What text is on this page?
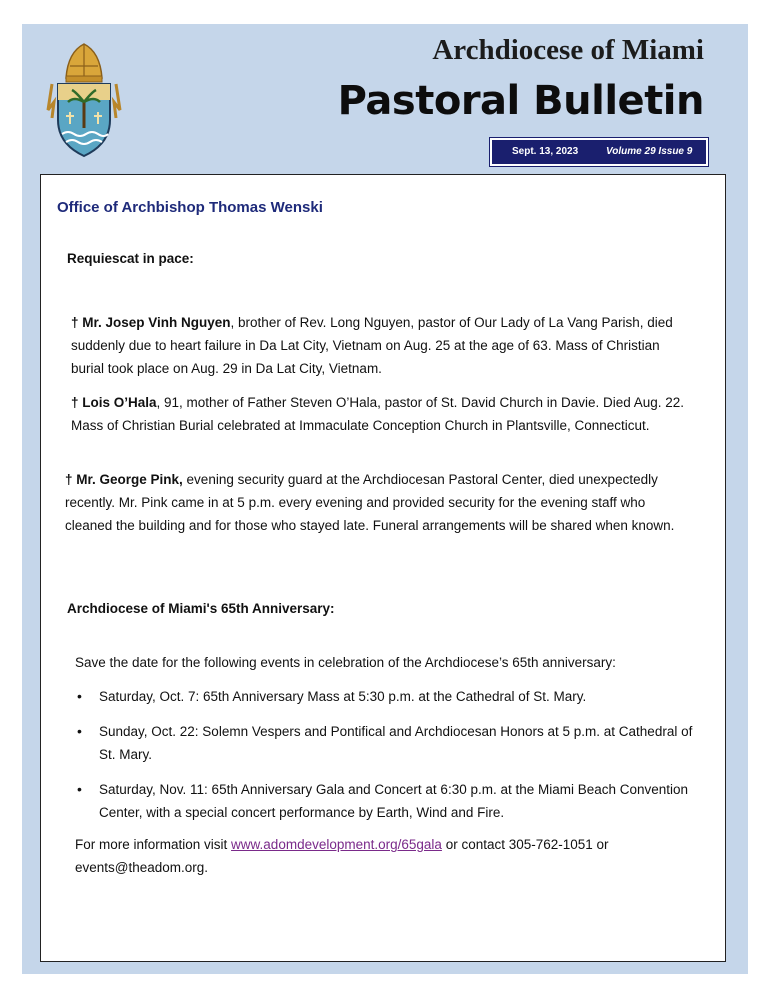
Archdiocese of Miami
Pastoral Bulletin
Sept. 13, 2023	Volume 29 Issue 9
Office of Archbishop Thomas Wenski
Requiescat in pace:
† Mr. Josep Vinh Nguyen, brother of Rev. Long Nguyen, pastor of Our Lady of La Vang Parish, died suddenly due to heart failure in Da Lat City, Vietnam on Aug. 25 at the age of 63. Mass of Christian burial took place on Aug. 29 in Da Lat City, Vietnam.
† Lois O’Hala, 91, mother of Father Steven O’Hala, pastor of St. David Church in Davie. Died Aug. 22. Mass of Christian Burial celebrated at Immaculate Conception Church in Plantsville, Connecticut.
† Mr. George Pink, evening security guard at the Archdiocesan Pastoral Center, died unexpectedly recently. Mr. Pink came in at 5 p.m. every evening and provided security for the evening staff who cleaned the building and for those who stayed late. Funeral arrangements will be shared when known.
Archdiocese of Miami's 65th Anniversary:
Save the date for the following events in celebration of the Archdiocese’s 65th anniversary:
• Saturday, Oct. 7: 65th Anniversary Mass at 5:30 p.m. at the Cathedral of St. Mary.
• Sunday, Oct. 22: Solemn Vespers and Pontifical and Archdiocesan Honors at 5 p.m. at Cathedral of St. Mary.
• Saturday, Nov. 11: 65th Anniversary Gala and Concert at 6:30 p.m. at the Miami Beach Convention Center, with a special concert performance by Earth, Wind and Fire.
For more information visit www.adomdevelopment.org/65gala or contact 305-762-1051 or events@theadom.org.
